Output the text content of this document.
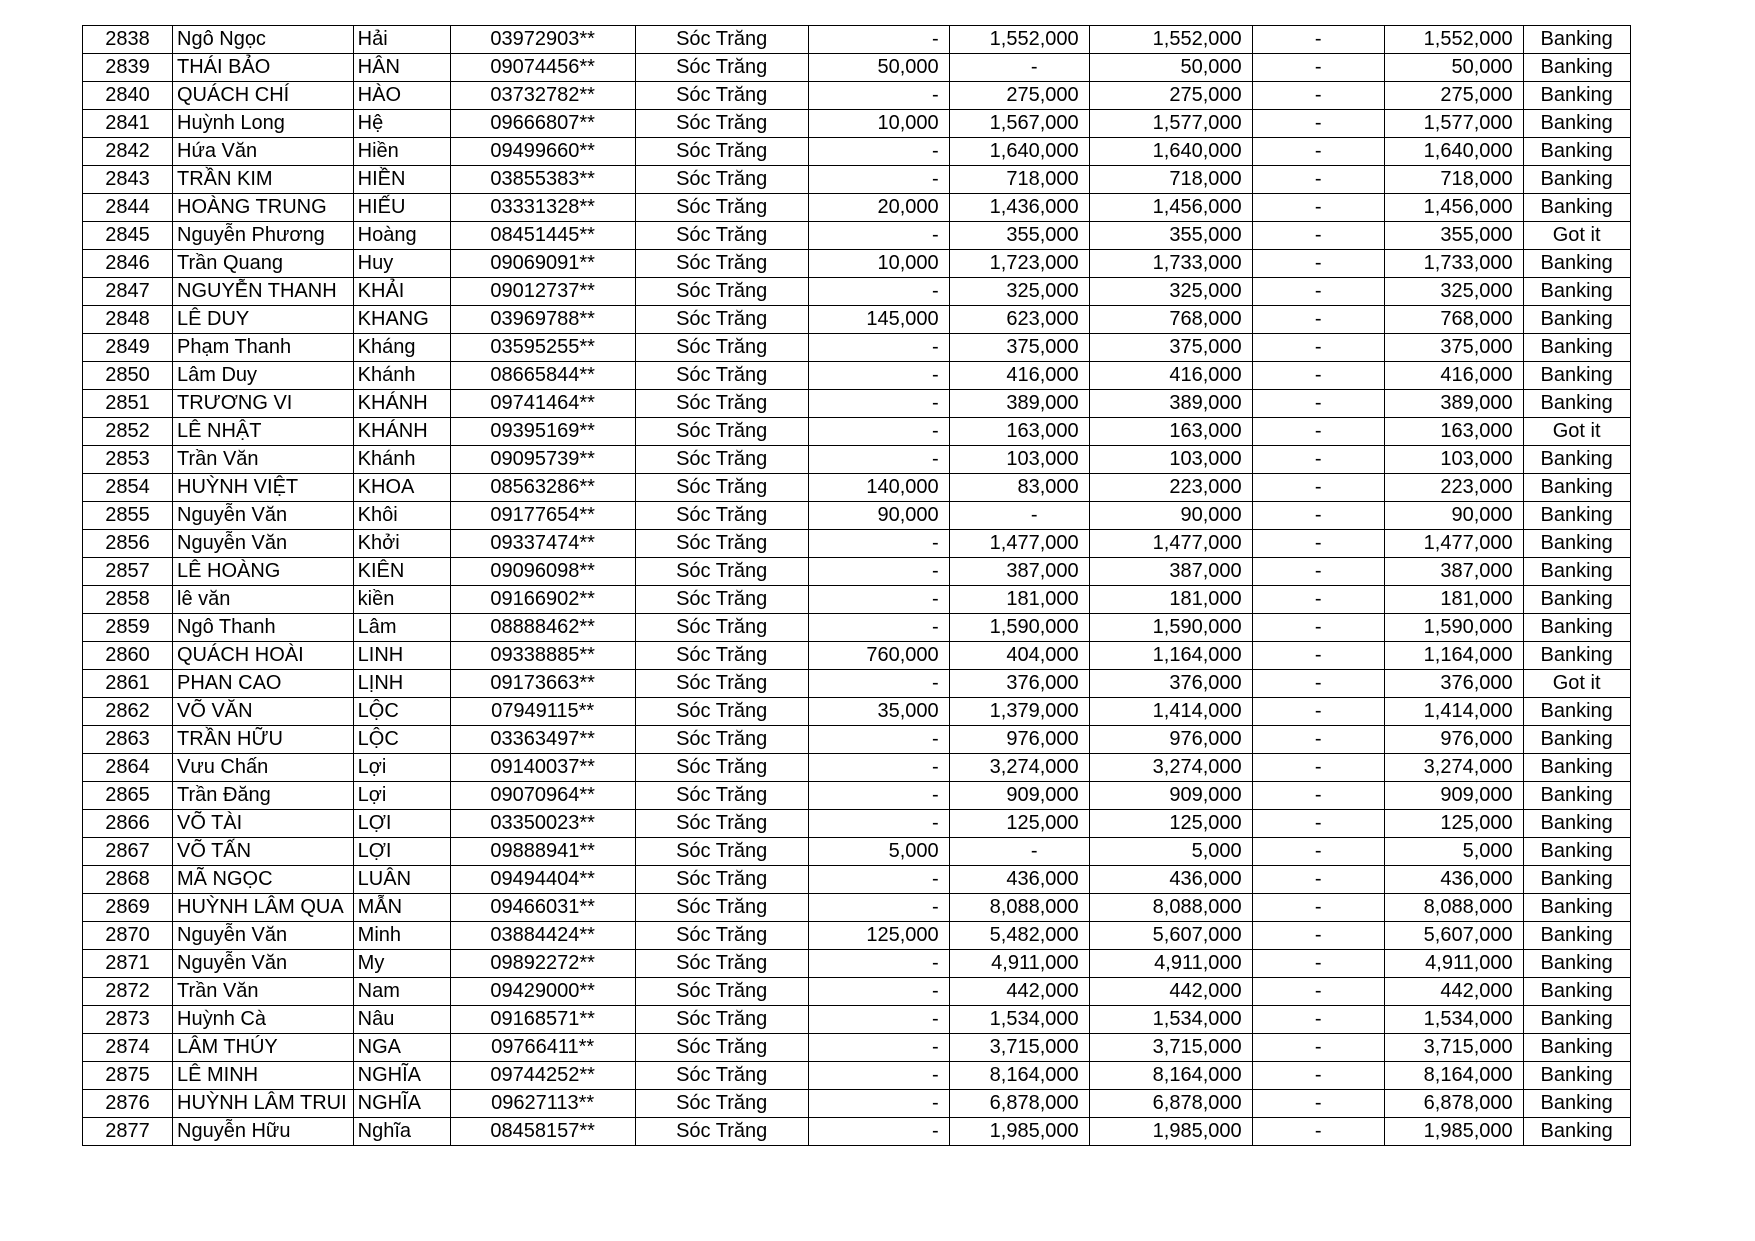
2838	Ngô Ngọc	Hải	03972903**	Sóc Trăng	-	1,552,000	1,552,000	-	1,552,000	Banking
2839	THÁI BẢO	HÂN	09074456**	Sóc Trăng	50,000	-	50,000	-	50,000	Banking
2840	QUÁCH CHÍ	HÀO	03732782**	Sóc Trăng	-	275,000	275,000	-	275,000	Banking
2841	Huỳnh Long	Hệ	09666807**	Sóc Trăng	10,000	1,567,000	1,577,000	-	1,577,000	Banking
2842	Hứa Văn	Hiền	09499660**	Sóc Trăng	-	1,640,000	1,640,000	-	1,640,000	Banking
2843	TRẦN KIM	HIỀN	03855383**	Sóc Trăng	-	718,000	718,000	-	718,000	Banking
2844	HOÀNG TRUNG	HIẾU	03331328**	Sóc Trăng	20,000	1,436,000	1,456,000	-	1,456,000	Banking
2845	Nguyễn Phương	Hoàng	08451445**	Sóc Trăng	-	355,000	355,000	-	355,000	Got it
2846	Trần Quang	Huy	09069091**	Sóc Trăng	10,000	1,723,000	1,733,000	-	1,733,000	Banking
2847	NGUYỄN THANH	KHẢI	09012737**	Sóc Trăng	-	325,000	325,000	-	325,000	Banking
2848	LÊ DUY	KHANG	03969788**	Sóc Trăng	145,000	623,000	768,000	-	768,000	Banking
2849	Phạm Thanh	Kháng	03595255**	Sóc Trăng	-	375,000	375,000	-	375,000	Banking
2850	Lâm Duy	Khánh	08665844**	Sóc Trăng	-	416,000	416,000	-	416,000	Banking
2851	TRƯƠNG VI	KHÁNH	09741464**	Sóc Trăng	-	389,000	389,000	-	389,000	Banking
2852	LÊ NHẬT	KHÁNH	09395169**	Sóc Trăng	-	163,000	163,000	-	163,000	Got it
2853	Trần Văn	Khánh	09095739**	Sóc Trăng	-	103,000	103,000	-	103,000	Banking
2854	HUỲNH VIỆT	KHOA	08563286**	Sóc Trăng	140,000	83,000	223,000	-	223,000	Banking
2855	Nguyễn Văn	Khôi	09177654**	Sóc Trăng	90,000	-	90,000	-	90,000	Banking
2856	Nguyễn Văn	Khởi	09337474**	Sóc Trăng	-	1,477,000	1,477,000	-	1,477,000	Banking
2857	LÊ HOÀNG	KIÊN	09096098**	Sóc Trăng	-	387,000	387,000	-	387,000	Banking
2858	lê văn	kiền	09166902**	Sóc Trăng	-	181,000	181,000	-	181,000	Banking
2859	Ngô Thanh	Lâm	08888462**	Sóc Trăng	-	1,590,000	1,590,000	-	1,590,000	Banking
2860	QUÁCH HOÀI	LINH	09338885**	Sóc Trăng	760,000	404,000	1,164,000	-	1,164,000	Banking
2861	PHAN CAO	LỊNH	09173663**	Sóc Trăng	-	376,000	376,000	-	376,000	Got it
2862	VÕ VĂN	LỘC	07949115**	Sóc Trăng	35,000	1,379,000	1,414,000	-	1,414,000	Banking
2863	TRẦN HỮU	LỘC	03363497**	Sóc Trăng	-	976,000	976,000	-	976,000	Banking
2864	Vưu Chấn	Lợi	09140037**	Sóc Trăng	-	3,274,000	3,274,000	-	3,274,000	Banking
2865	Trần Đăng	Lợi	09070964**	Sóc Trăng	-	909,000	909,000	-	909,000	Banking
2866	VÕ TÀI	LỢI	03350023**	Sóc Trăng	-	125,000	125,000	-	125,000	Banking
2867	VÕ TẤN	LỢI	09888941**	Sóc Trăng	5,000	-	5,000	-	5,000	Banking
2868	MÃ NGỌC	LUÂN	09494404**	Sóc Trăng	-	436,000	436,000	-	436,000	Banking
2869	HUỲNH LÂM QUA	MẪN	09466031**	Sóc Trăng	-	8,088,000	8,088,000	-	8,088,000	Banking
2870	Nguyễn Văn	Minh	03884424**	Sóc Trăng	125,000	5,482,000	5,607,000	-	5,607,000	Banking
2871	Nguyễn Văn	My	09892272**	Sóc Trăng	-	4,911,000	4,911,000	-	4,911,000	Banking
2872	Trần Văn	Nam	09429000**	Sóc Trăng	-	442,000	442,000	-	442,000	Banking
2873	Huỳnh Cà	Nâu	09168571**	Sóc Trăng	-	1,534,000	1,534,000	-	1,534,000	Banking
2874	LÂM THÚY	NGA	09766411**	Sóc Trăng	-	3,715,000	3,715,000	-	3,715,000	Banking
2875	LÊ MINH	NGHĨA	09744252**	Sóc Trăng	-	8,164,000	8,164,000	-	8,164,000	Banking
2876	HUỲNH LÂM TRUI	NGHĨA	09627113**	Sóc Trăng	-	6,878,000	6,878,000	-	6,878,000	Banking
2877	Nguyễn Hữu	Nghĩa	08458157**	Sóc Trăng	-	1,985,000	1,985,000	-	1,985,000	Banking
